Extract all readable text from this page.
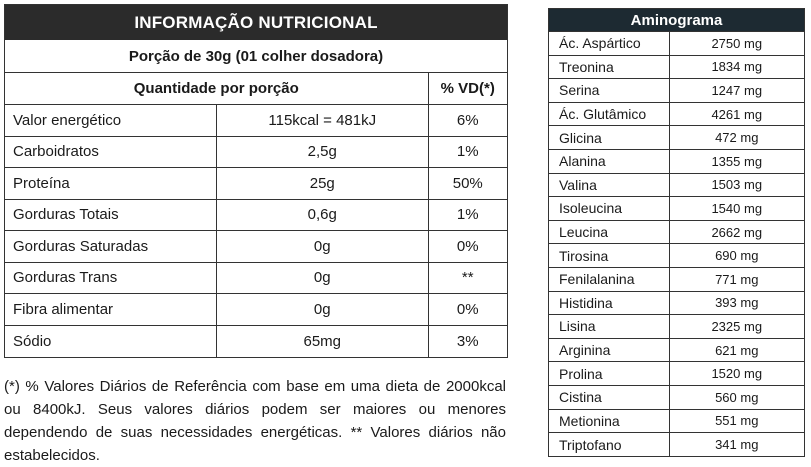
INFORMAÇÃO NUTRICIONAL
Porção de 30g (01 colher dosadora)
Quantidade por porção		% VD(*)
Valor energético	115kcal = 481kJ	6%
Carboidratos	2,5g	1%
Proteína	25g	50%
Gorduras Totais	0,6g	1%
Gorduras Saturadas	0g	0%
Gorduras Trans	0g	**
Fibra alimentar	0g	0%
Sódio	65mg	3%
(*) % Valores Diários de Referência com base em uma dieta de 2000kcal ou 8400kJ. Seus valores diários podem ser maiores ou menores dependendo de suas necessidades energéticas. ** Valores diários não estabelecidos.
Aminograma
Ác. Aspártico	2750 mg
Treonina	1834 mg
Serina	1247 mg
Ác. Glutâmico	4261 mg
Glicina	472 mg
Alanina	1355 mg
Valina	1503 mg
Isoleucina	1540 mg
Leucina	2662 mg
Tirosina	690 mg
Fenilalanina	771 mg
Histidina	393 mg
Lisina	2325 mg
Arginina	621 mg
Prolina	1520 mg
Cistina	560 mg
Metionina	551 mg
Triptofano	341 mg
